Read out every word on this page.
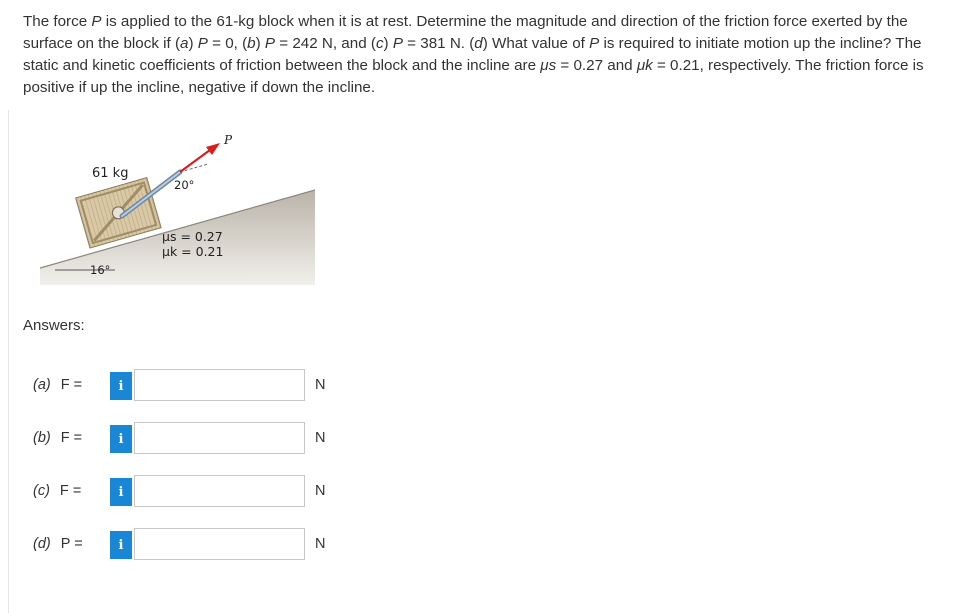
The force P is applied to the 61-kg block when it is at rest. Determine the magnitude and direction of the friction force exerted by the surface on the block if (a) P = 0, (b) P = 242 N, and (c) P = 381 N. (d) What value of P is required to initiate motion up the incline? The static and kinetic coefficients of friction between the block and the incline are μs = 0.27 and μk = 0.21, respectively. The friction force is positive if up the incline, negative if down the incline.
P
61 kg
20°
16°
μs = 0.27
μk = 0.21
Answers:
(a) F =	i	N
(b) F =	i	N
(c) F =	i	N
(d) P =	i	N
